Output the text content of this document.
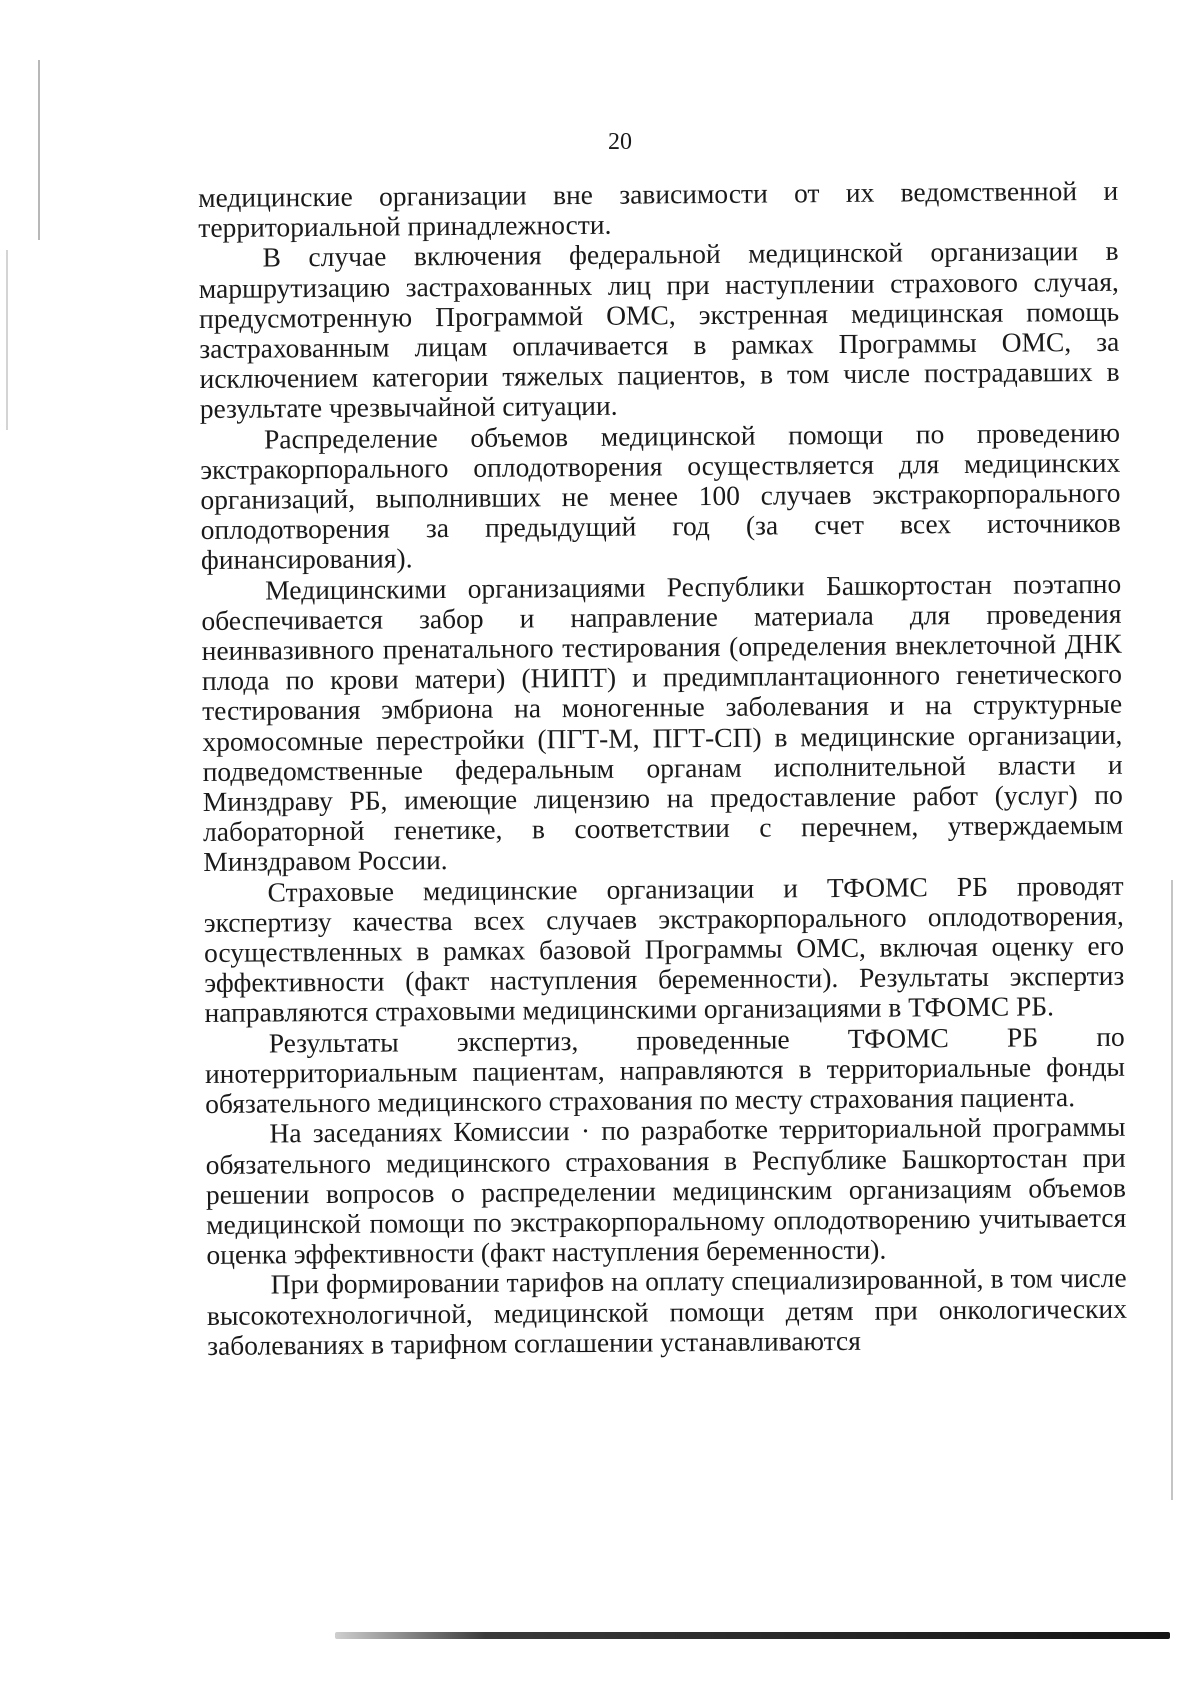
20

медицинские организации вне зависимости от их ведомственной и территориальной принадлежности.

В случае включения федеральной медицинской организации в маршрутизацию застрахованных лиц при наступлении страхового случая, предусмотренную Программой ОМС, экстренная медицинская помощь застрахованным лицам оплачивается в рамках Программы ОМС, за исключением категории тяжелых пациентов, в том числе пострадавших в результате чрезвычайной ситуации.

Распределение объемов медицинской помощи по проведению экстракорпорального оплодотворения осуществляется для медицинских организаций, выполнивших не менее 100 случаев экстракорпорального оплодотворения за предыдущий год (за счет всех источников финансирования).

Медицинскими организациями Республики Башкортостан поэтапно обеспечивается забор и направление материала для проведения неинвазивного пренатального тестирования (определения внеклеточной ДНК плода по крови матери) (НИПТ) и предимплантационного генетического тестирования эмбриона на моногенные заболевания и на структурные хромосомные перестройки (ПГТ-М, ПГТ-СП) в медицинские организации, подведомственные федеральным органам исполнительной власти и Минздраву РБ, имеющие лицензию на предоставление работ (услуг) по лабораторной генетике, в соответствии с перечнем, утверждаемым Минздравом России.

Страховые медицинские организации и ТФОМС РБ проводят экспертизу качества всех случаев экстракорпорального оплодотворения, осуществленных в рамках базовой Программы ОМС, включая оценку его эффективности (факт наступления беременности). Результаты экспертиз направляются страховыми медицинскими организациями в ТФОМС РБ.

Результаты экспертиз, проведенные ТФОМС РБ по инотерриториальным пациентам, направляются в территориальные фонды обязательного медицинского страхования по месту страхования пациента.

На заседаниях Комиссии · по разработке территориальной программы обязательного медицинского страхования в Республике Башкортостан при решении вопросов о распределении медицинским организациям объемов медицинской помощи по экстракорпоральному оплодотворению учитывается оценка эффективности (факт наступления беременности).

При формировании тарифов на оплату специализированной, в том числе высокотехнологичной, медицинской помощи детям при онкологических заболеваниях в тарифном соглашении устанавливаются
